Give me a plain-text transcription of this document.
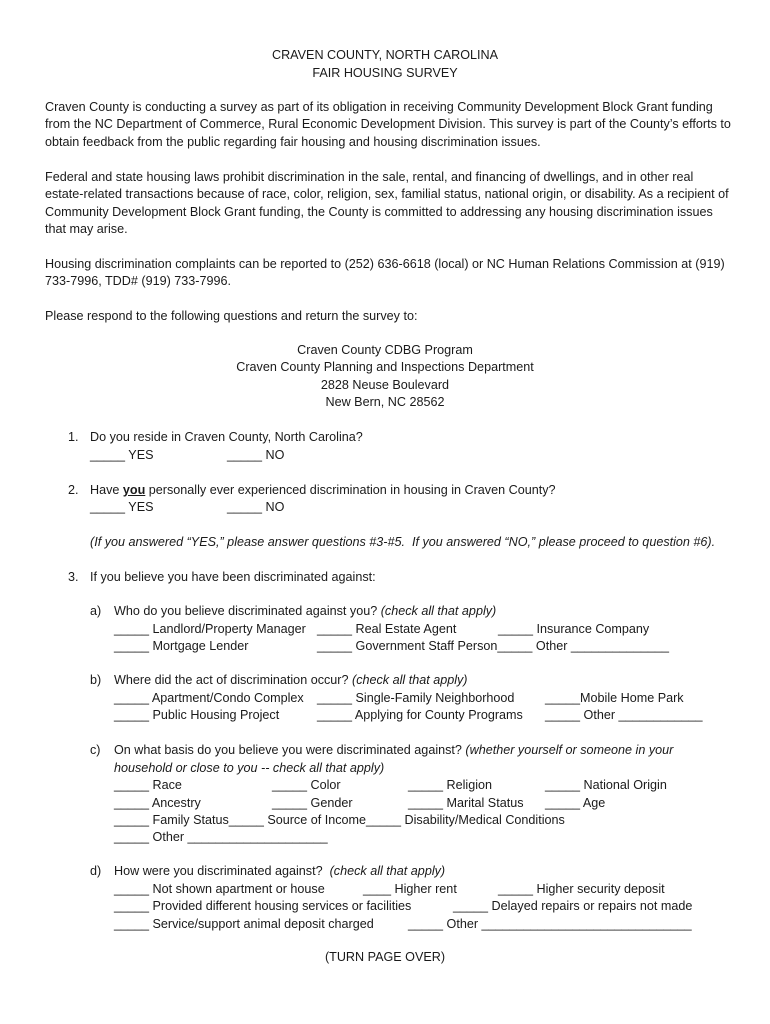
CRAVEN COUNTY, NORTH CAROLINA
FAIR HOUSING SURVEY
Craven County is conducting a survey as part of its obligation in receiving Community Development Block Grant funding from the NC Department of Commerce, Rural Economic Development Division. This survey is part of the County’s efforts to obtain feedback from the public regarding fair housing and housing discrimination issues.
Federal and state housing laws prohibit discrimination in the sale, rental, and financing of dwellings, and in other real estate-related transactions because of race, color, religion, sex, familial status, national origin, or disability. As a recipient of Community Development Block Grant funding, the County is committed to addressing any housing discrimination issues that may arise.
Housing discrimination complaints can be reported to (252) 636-6618 (local) or NC Human Relations Commission at (919) 733-7996, TDD# (919) 733-7996.
Please respond to the following questions and return the survey to:
Craven County CDBG Program
Craven County Planning and Inspections Department
2828 Neuse Boulevard
New Bern, NC 28562
1. Do you reside in Craven County, North Carolina?
_____ YES	_____ NO
2. Have you personally ever experienced discrimination in housing in Craven County?
_____ YES	_____ NO
(If you answered “YES,” please answer questions #3-#5.  If you answered “NO,” please proceed to question #6).
3. If you believe you have been discriminated against:
a) Who do you believe discriminated against you? (check all that apply)
_____ Landlord/Property Manager _____ Real Estate Agent	_____ Insurance Company
_____ Mortgage Lender	_____ Government Staff Person_____ Other ______________
b) Where did the act of discrimination occur? (check all that apply)
_____ Apartment/Condo Complex _____ Single-Family Neighborhood _____Mobile Home Park
_____ Public Housing Project	_____ Applying for County Programs _____ Other ____________
c) On what basis do you believe you were discriminated against? (whether yourself or someone in your
household or close to you -- check all that apply)
_____ Race	_____ Color	_____ Religion	_____ National Origin
_____ Ancestry	_____ Gender	_____ Marital Status _____ Age
_____ Family Status_____ Source of Income_____ Disability/Medical Conditions
_____ Other ____________________
d) How were you discriminated against?  (check all that apply)
_____ Not shown apartment or house	____ Higher rent	_____ Higher security deposit
_____ Provided different housing services or facilities	_____ Delayed repairs or repairs not made
_____ Service/support animal deposit charged	_____ Other ______________________________
(TURN PAGE OVER)
